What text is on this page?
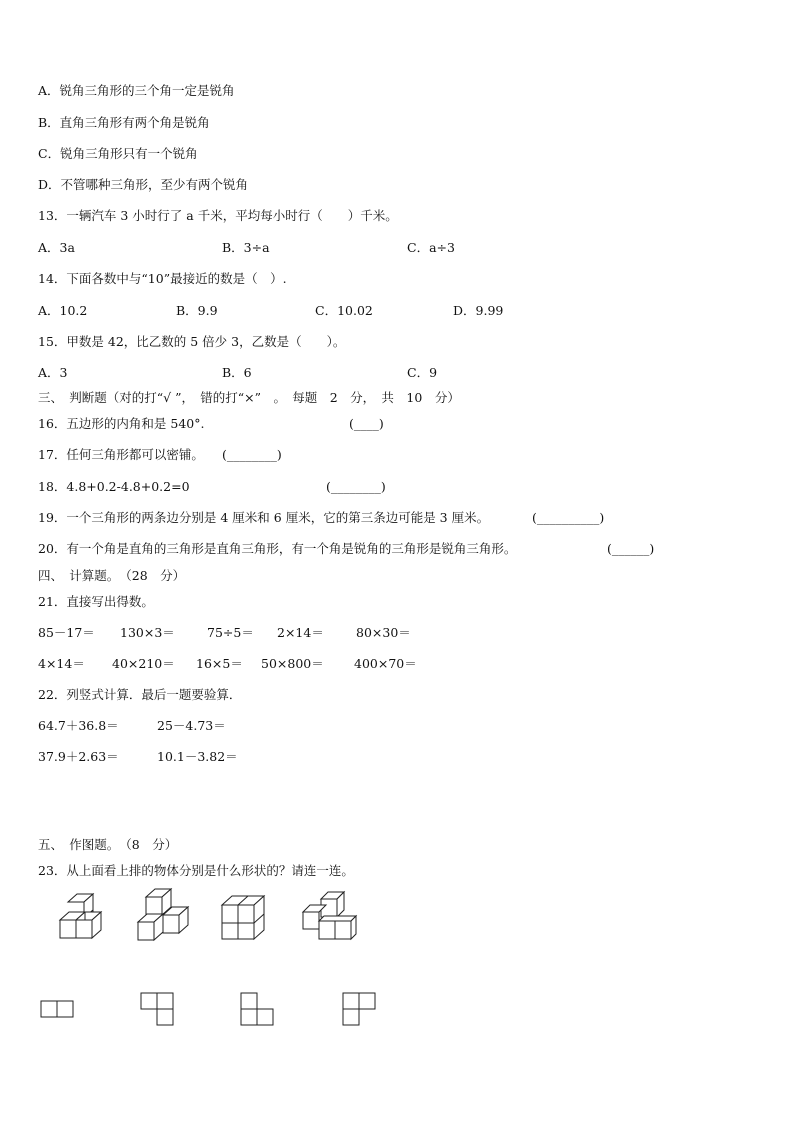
A．锐角三角形的三个角一定是锐角
B．直角三角形有两个角是锐角
C．锐角三角形只有一个锐角
D．不管哪种三角形，至少有两个锐角
13．一辆汽车 3 小时行了 a 千米，平均每小时行（　　）千米。
A．3a	B．3÷a	C．a÷3
14．下面各数中与“10”最接近的数是（　）.
A．10.2	B．9.9	C．10.02	D．9.99
15．甲数是 42，比乙数的 5 倍少 3，乙数是（　　）。
A．3	B．6	C．9
三、　判断题（对的打“√ ”，　错的打“×”　。　每题　2　分，　共　10　分）
16．五边形的内角和是 540°.	(____)
17．任何三角形都可以密铺。 (________)
18．4.8+0.2-4.8+0.2=0	(________)
19．一个三角形的两条边分别是 4 厘米和 6 厘米，它的第三条边可能是 3 厘米。	(__________)
20．有一个角是直角的三角形是直角三角形，有一个角是锐角的三角形是锐角三角形。	(______)
四、　计算题。　（28　分）
21．直接写出得数。
85－17＝ 130×3＝	75÷5＝ 2×14＝	80×30＝
4×14＝ 40×210＝ 16×5＝ 50×800＝ 400×70＝
22．列竖式计算．最后一题要验算．
64.7＋36.8＝	25－4.73＝
37.9＋2.63＝	10.1－3.82＝
五、　作图题。　（8　分）
23．从上面看上排的物体分别是什么形状的？请连一连。
